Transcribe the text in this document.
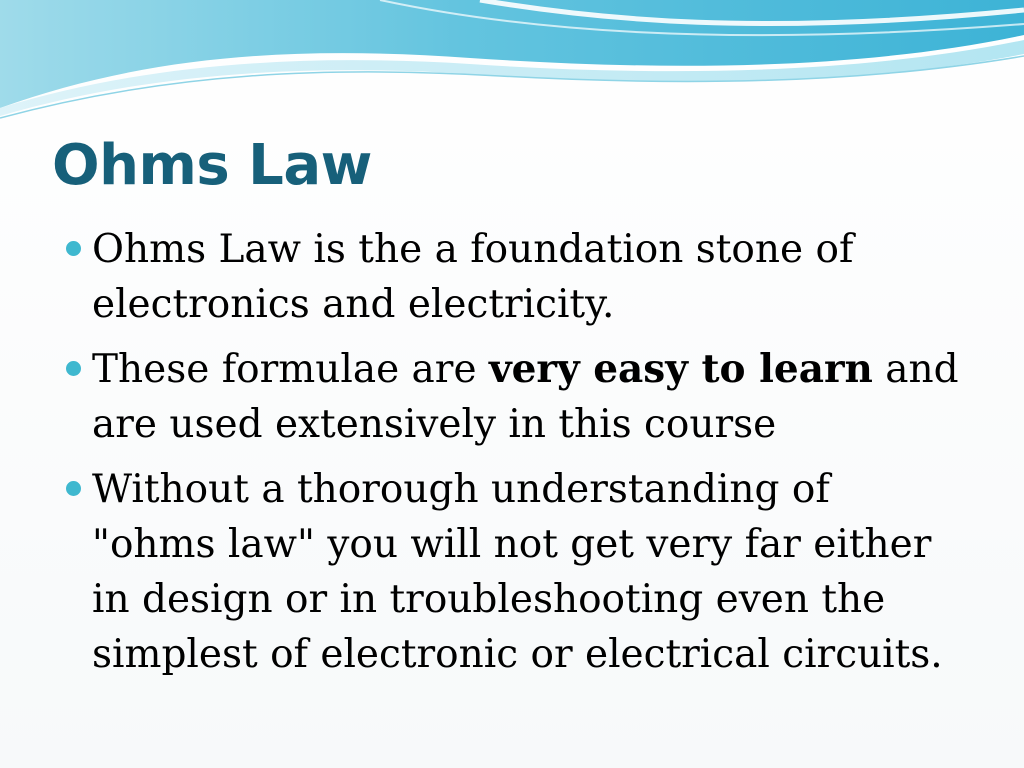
Ohms Law
Ohms Law is the a foundation stone of electronics and electricity.
These formulae are very easy to learn and are used extensively in this course
Without a thorough understanding of "ohms law" you will not get very far either in design or in troubleshooting even the simplest of electronic or electrical circuits.
